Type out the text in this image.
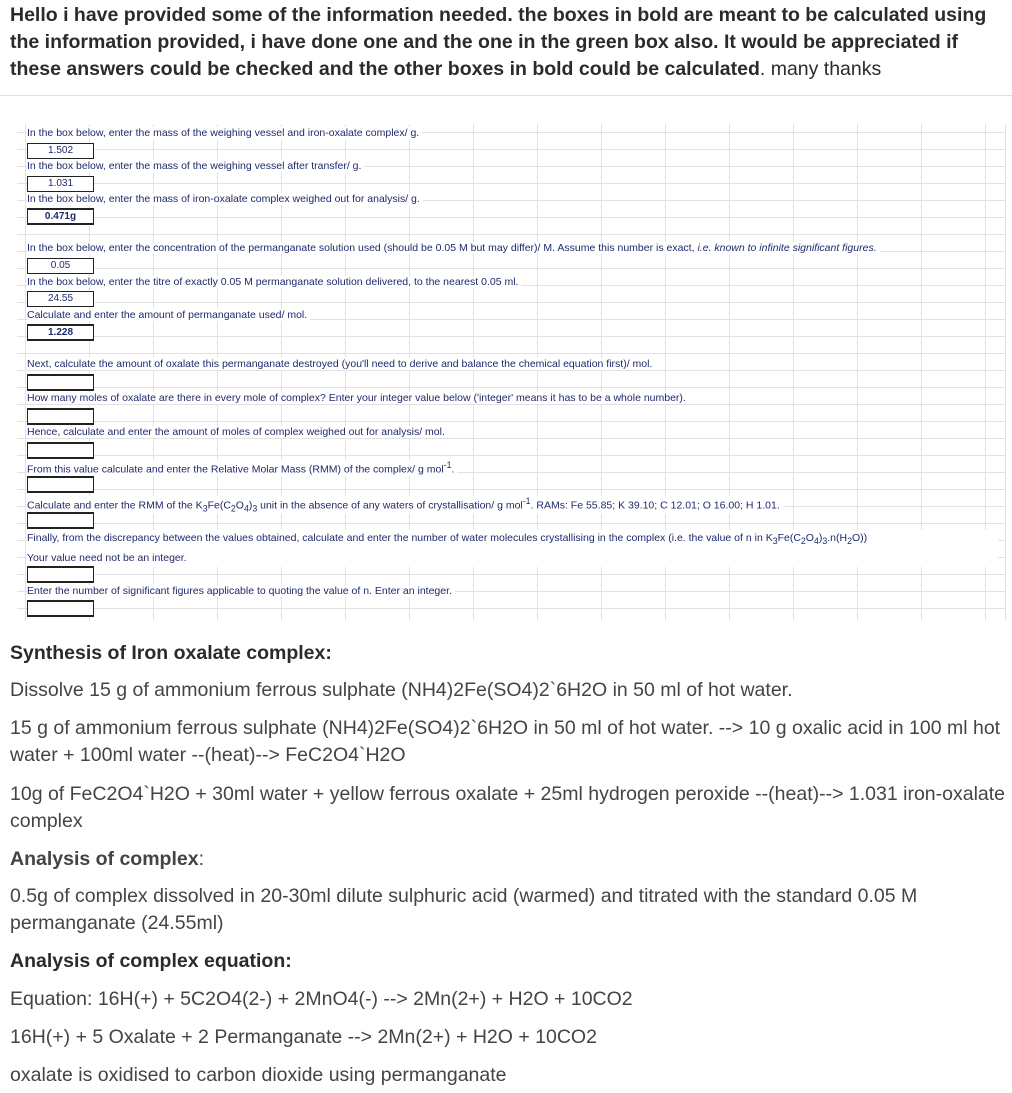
Hello i have provided some of the information needed. the boxes in bold are meant to be calculated using the information provided, i have done one and the one in the green box also. It would be appreciated if these answers could be checked and the other boxes in bold could be calculated. many thanks
In the box below, enter the mass of the weighing vessel and iron-oxalate complex/ g.
1.502
In the box below, enter the mass of the weighing vessel after transfer/ g.
1.031
In the box below, enter the mass of iron-oxalate complex weighed out for analysis/ g.
0.471g
In the box below, enter the concentration of the permanganate solution used (should be 0.05 M but may differ)/ M. Assume this number is exact, i.e. known to infinite significant figures.
0.05
In the box below, enter the titre of exactly 0.05 M permanganate solution delivered, to the nearest 0.05 ml.
24.55
Calculate and enter the amount of permanganate used/ mol.
1.228
Next, calculate the amount of oxalate this permanganate destroyed (you'll need to derive and balance the chemical equation first)/ mol.
How many moles of oxalate are there in every mole of complex? Enter your integer value below ('integer' means it has to be a whole number).
Hence, calculate and enter the amount of moles of complex weighed out for analysis/ mol.
From this value calculate and enter the Relative Molar Mass (RMM) of the complex/ g mol$^{-1}$.
Calculate and enter the RMM of the $K_3Fe(C_2O_4)_3$ unit in the absence of any waters of crystallisation/ g mol$^{-1}$. RAMs: Fe 55.85; K 39.10; C 12.01; O 16.00; H 1.01.
Finally, from the discrepancy between the values obtained, calculate and enter the number of water molecules crystallising in the complex (i.e. the value of n in $K_3Fe(C_2O_4)_3.n(H_2O)$)
Your value need not be an integer.
Enter the number of significant figures applicable to quoting the value of n. Enter an integer.

Synthesis of Iron oxalate complex:

Dissolve 15 g of ammonium ferrous sulphate (NH4)2Fe(SO4)2`6H2O in 50 ml of hot water.

15 g of ammonium ferrous sulphate (NH4)2Fe(SO4)2`6H2O in 50 ml of hot water. --> 10 g oxalic acid in 100 ml hot water + 100ml water --(heat)--> FeC2O4`H2O

10g of FeC2O4`H2O + 30ml water + yellow ferrous oxalate + 25ml hydrogen peroxide --(heat)--> 1.031 iron-oxalate complex

Analysis of complex:

0.5g of complex dissolved in 20-30ml dilute sulphuric acid (warmed) and titrated with the standard 0.05 M permanganate (24.55ml)

Analysis of complex equation:

Equation: 16H(+) + 5C2O4(2-) + 2MnO4(-) --> 2Mn(2+) + H2O + 10CO2

16H(+) + 5 Oxalate + 2 Permanganate --> 2Mn(2+) + H2O + 10CO2

oxalate is oxidised to carbon dioxide using permanganate
